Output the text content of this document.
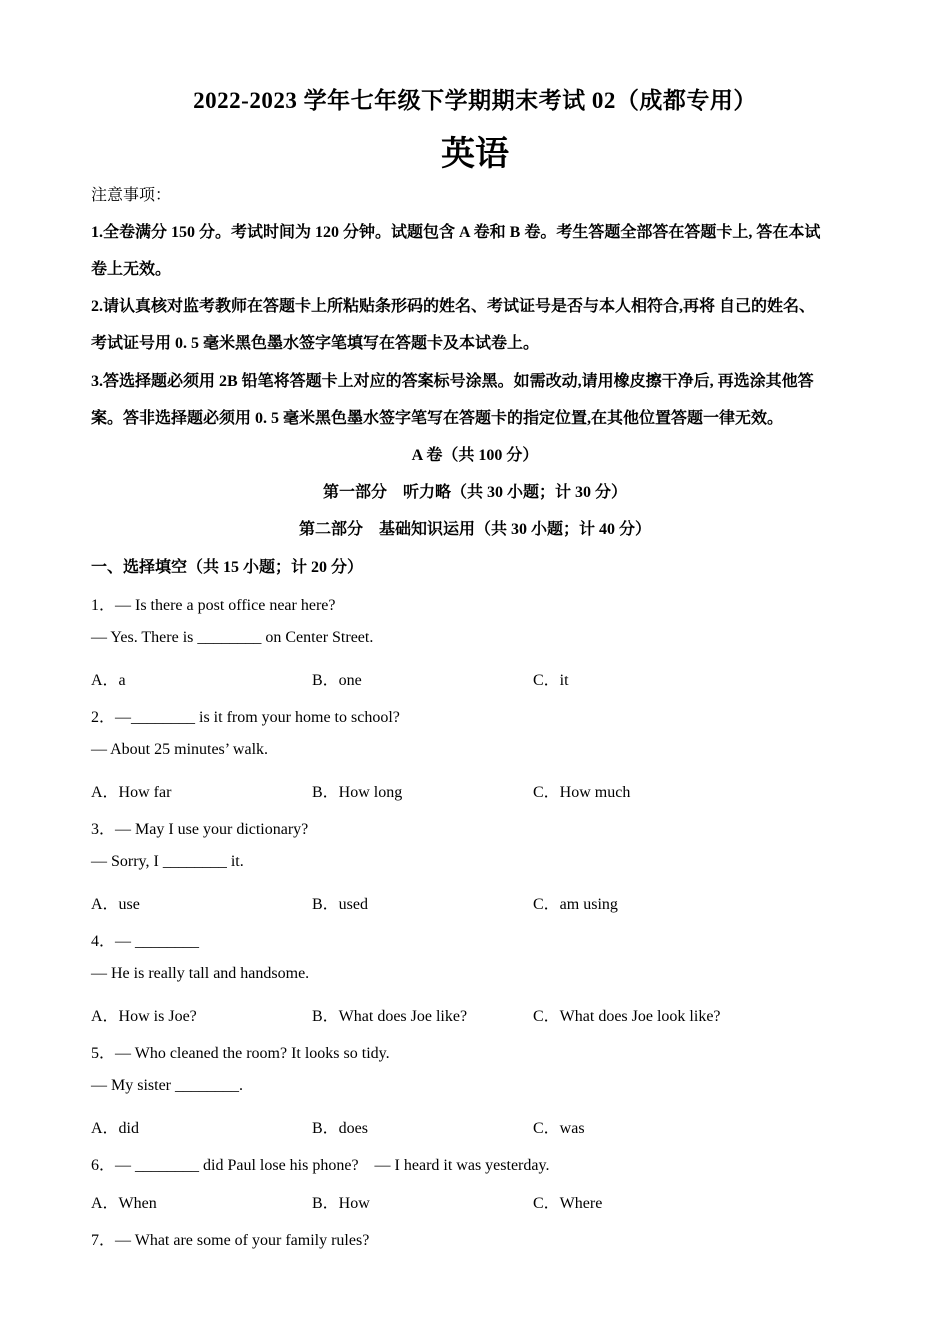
2022-2023 学年七年级下学期期末考试 02（成都专用）
英语
注意事项：
1.全卷满分 150 分。考试时间为 120 分钟。试题包含 A 卷和 B 卷。考生答题全部答在答题卡上, 答在本试
卷上无效。
2.请认真核对监考教师在答题卡上所粘贴条形码的姓名、考试证号是否与本人相符合,再将 自己的姓名、
考试证号用 0. 5 毫米黑色墨水签字笔填写在答题卡及本试卷上。
3.答选择题必须用 2B 铅笔将答题卡上对应的答案标号涂黑。如需改动,请用橡皮擦干净后, 再选涂其他答
案。答非选择题必须用 0. 5 毫米黑色墨水签字笔写在答题卡的指定位置,在其他位置答题一律无效。
A 卷（共 100 分）
第一部分　听力略（共 30 小题；计 30 分）
第二部分　基础知识运用（共 30 小题；计 40 分）
一、选择填空（共 15 小题；计 20 分）
1．— Is there a post office near here?
— Yes. There is ________ on Center Street.
A．a	B．one	C．it
2．—________ is it from your home to school?
— About 25 minutes’ walk.
A．How far	B．How long	C．How much
3．— May I use your dictionary?
— Sorry, I ________ it.
A．use	B．used	C．am using
4．— ________
— He is really tall and handsome.
A．How is Joe?	B．What does Joe like?	C．What does Joe look like?
5．— Who cleaned the room? It looks so tidy.
— My sister ________.
A．did	B．does	C．was
6．— ________ did Paul lose his phone?　— I heard it was yesterday.
A．When	B．How	C．Where
7．— What are some of your family rules?
